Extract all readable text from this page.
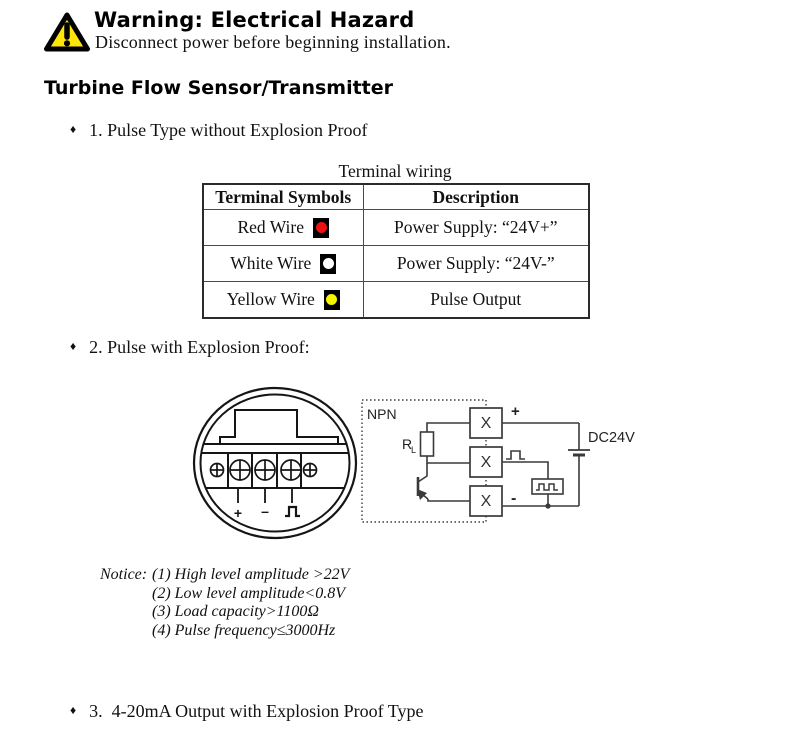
Warning: Electrical Hazard
Disconnect power before beginning installation.
Turbine Flow Sensor/Transmitter
♦ 1. Pulse Type without Explosion Proof
Terminal wiring
Terminal Symbols	Description

Red Wire	Power Supply: “24V+”

White Wire	Power Supply: “24V-”

Yellow Wire	Pulse Output
♦ 2. Pulse with Explosion Proof:
+ –
NPN
R
L
X
X
X
+
-
DC24V
Notice: (1) High level amplitude >22V
(2) Low level amplitude<0.8V
(3) Load capacity>1100Ω
(4) Pulse frequency≤3000Hz
♦ 3.  4-20mA Output with Explosion Proof Type
